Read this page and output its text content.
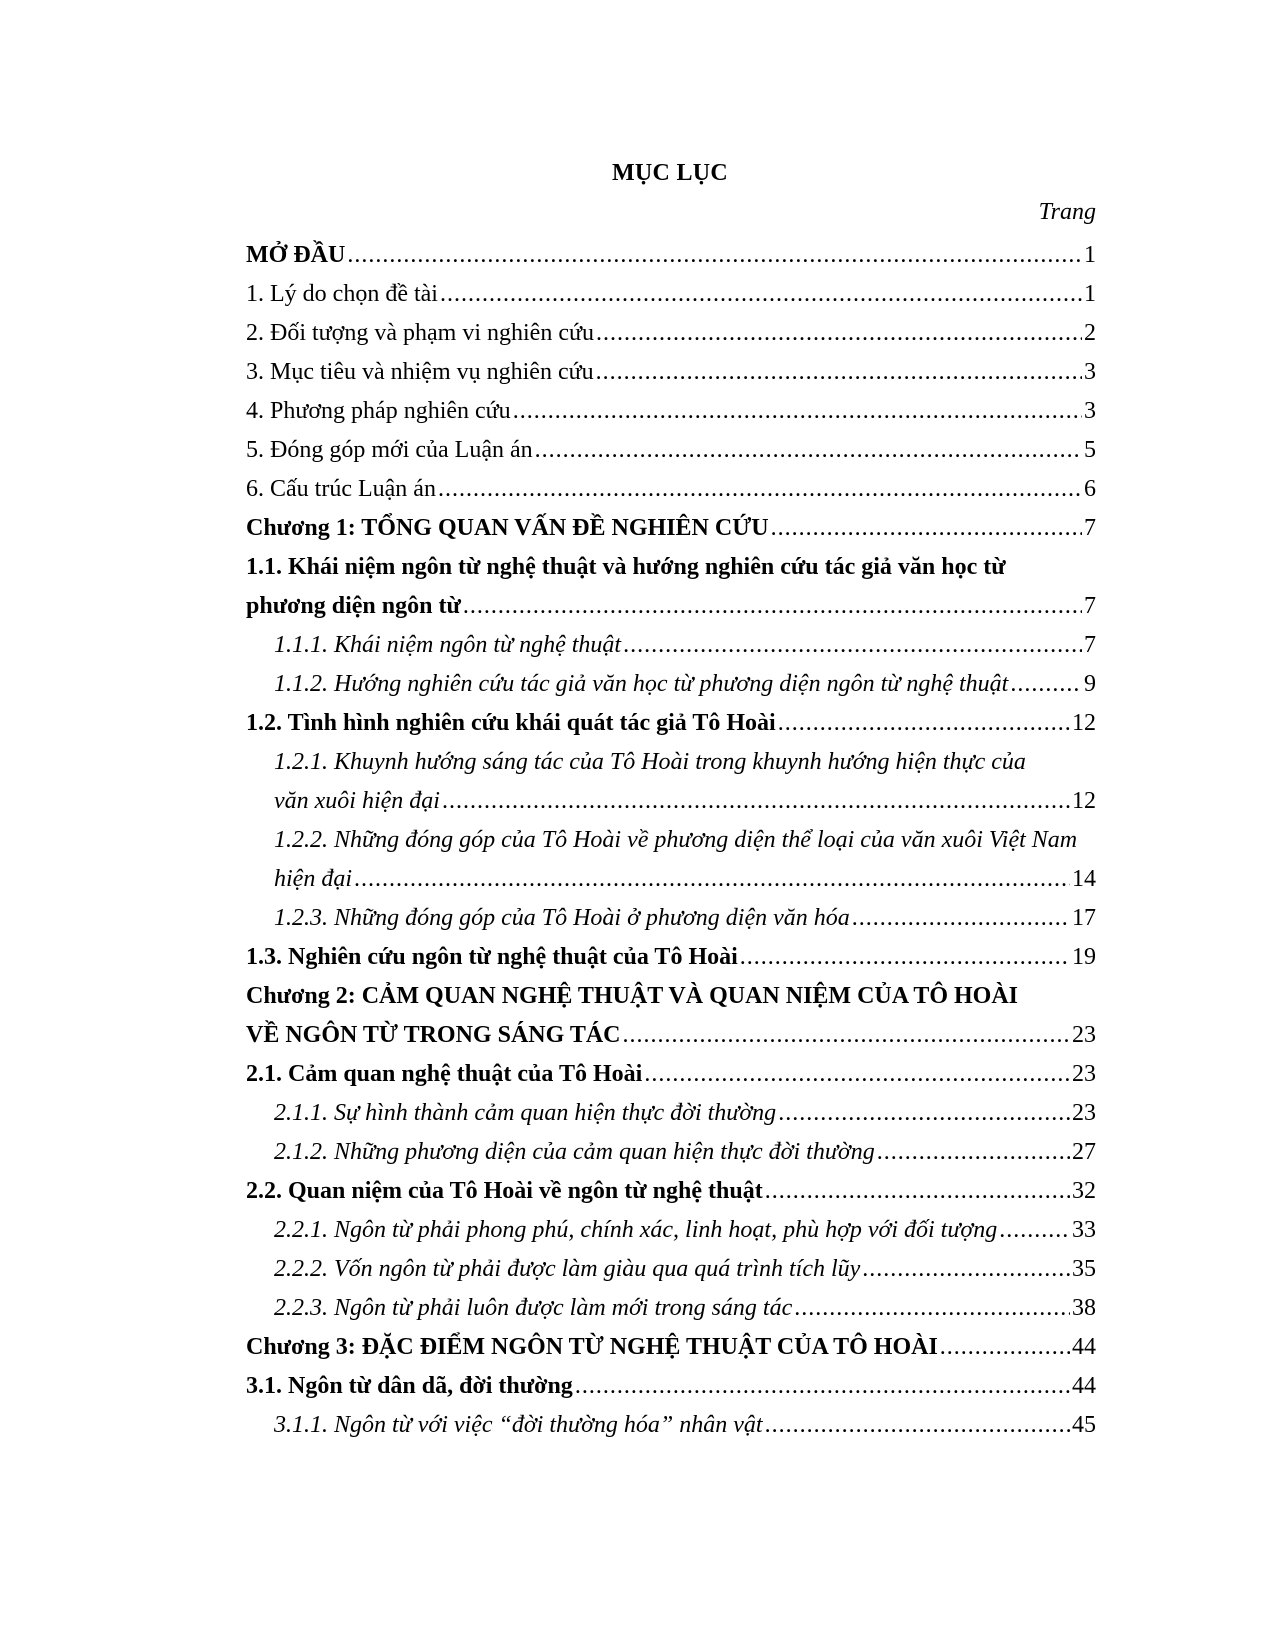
MỤC LỤC
Trang
MỞ ĐẦU .....	1
1. Lý do chọn đề tài .....	1
2. Đối tượng và phạm vi nghiên cứu .....	2
3. Mục tiêu và nhiệm vụ nghiên cứu .....	3
4. Phương pháp nghiên cứu .....	3
5. Đóng góp mới của Luận án .....	5
6. Cấu trúc Luận án .....	6
Chương 1: TỔNG QUAN VẤN ĐỀ NGHIÊN CỨU .....	7
1.1. Khái niệm ngôn từ nghệ thuật và hướng nghiên cứu tác giả văn học từ
phương diện ngôn từ .....	7
1.1.1. Khái niệm ngôn từ nghệ thuật .....	7
1.1.2. Hướng nghiên cứu tác giả văn học từ phương diện ngôn từ nghệ thuật .....	9
1.2. Tình hình nghiên cứu khái quát tác giả Tô Hoài .....	12
1.2.1. Khuynh hướng sáng tác của Tô Hoài trong khuynh hướng hiện thực của
văn xuôi hiện đại .....	12
1.2.2. Những đóng góp của Tô Hoài về phương diện thể loại của văn xuôi Việt Nam
hiện đại .....	14
1.2.3. Những đóng góp của Tô Hoài ở phương diện văn hóa .....	17
1.3. Nghiên cứu ngôn từ nghệ thuật của Tô Hoài .....	19
Chương 2: CẢM QUAN NGHỆ THUẬT VÀ QUAN NIỆM CỦA TÔ HOÀI
VỀ NGÔN TỪ TRONG SÁNG TÁC .....	23
2.1. Cảm quan nghệ thuật của Tô Hoài .....	23
2.1.1. Sự hình thành cảm quan hiện thực đời thường .....	23
2.1.2. Những phương diện của cảm quan hiện thực đời thường .....	27
2.2. Quan niệm của Tô Hoài về ngôn từ nghệ thuật .....	32
2.2.1. Ngôn từ phải phong phú, chính xác, linh hoạt, phù hợp với đối tượng .....	33
2.2.2. Vốn ngôn từ phải được làm giàu qua quá trình tích lũy .....	35
2.2.3. Ngôn từ phải luôn được làm mới trong sáng tác .....	38
Chương 3: ĐẶC ĐIỂM NGÔN TỪ NGHỆ THUẬT CỦA TÔ HOÀI .....	44
3.1. Ngôn từ dân dã, đời thường .....	44
3.1.1. Ngôn từ với việc “đời thường hóa” nhân vật .....	45
